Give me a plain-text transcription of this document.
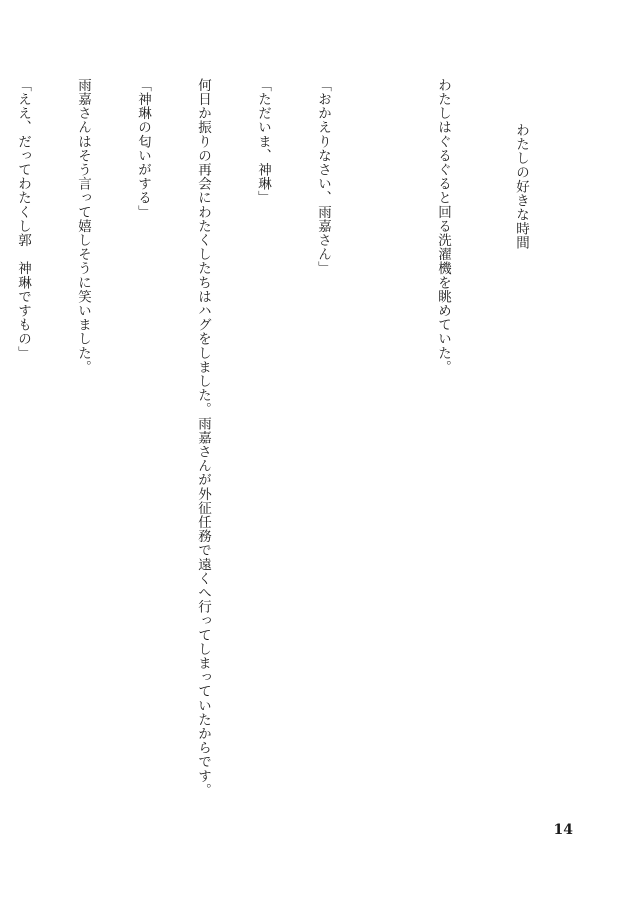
わたしの好きな時間

わたしはぐるぐると回る洗濯機を眺めていた。

「おかえりなさい、雨嘉さん」

「ただいま、神琳」

何日か振りの再会にわたくしたちはハグをしました。雨嘉さんが外征任務で遠くへ行ってしまっていたからです。

「神琳の匂いがする」

雨嘉さんはそう言って嬉しそうに笑いました。

「ええ、だってわたくし郭　神琳ですもの」

14
